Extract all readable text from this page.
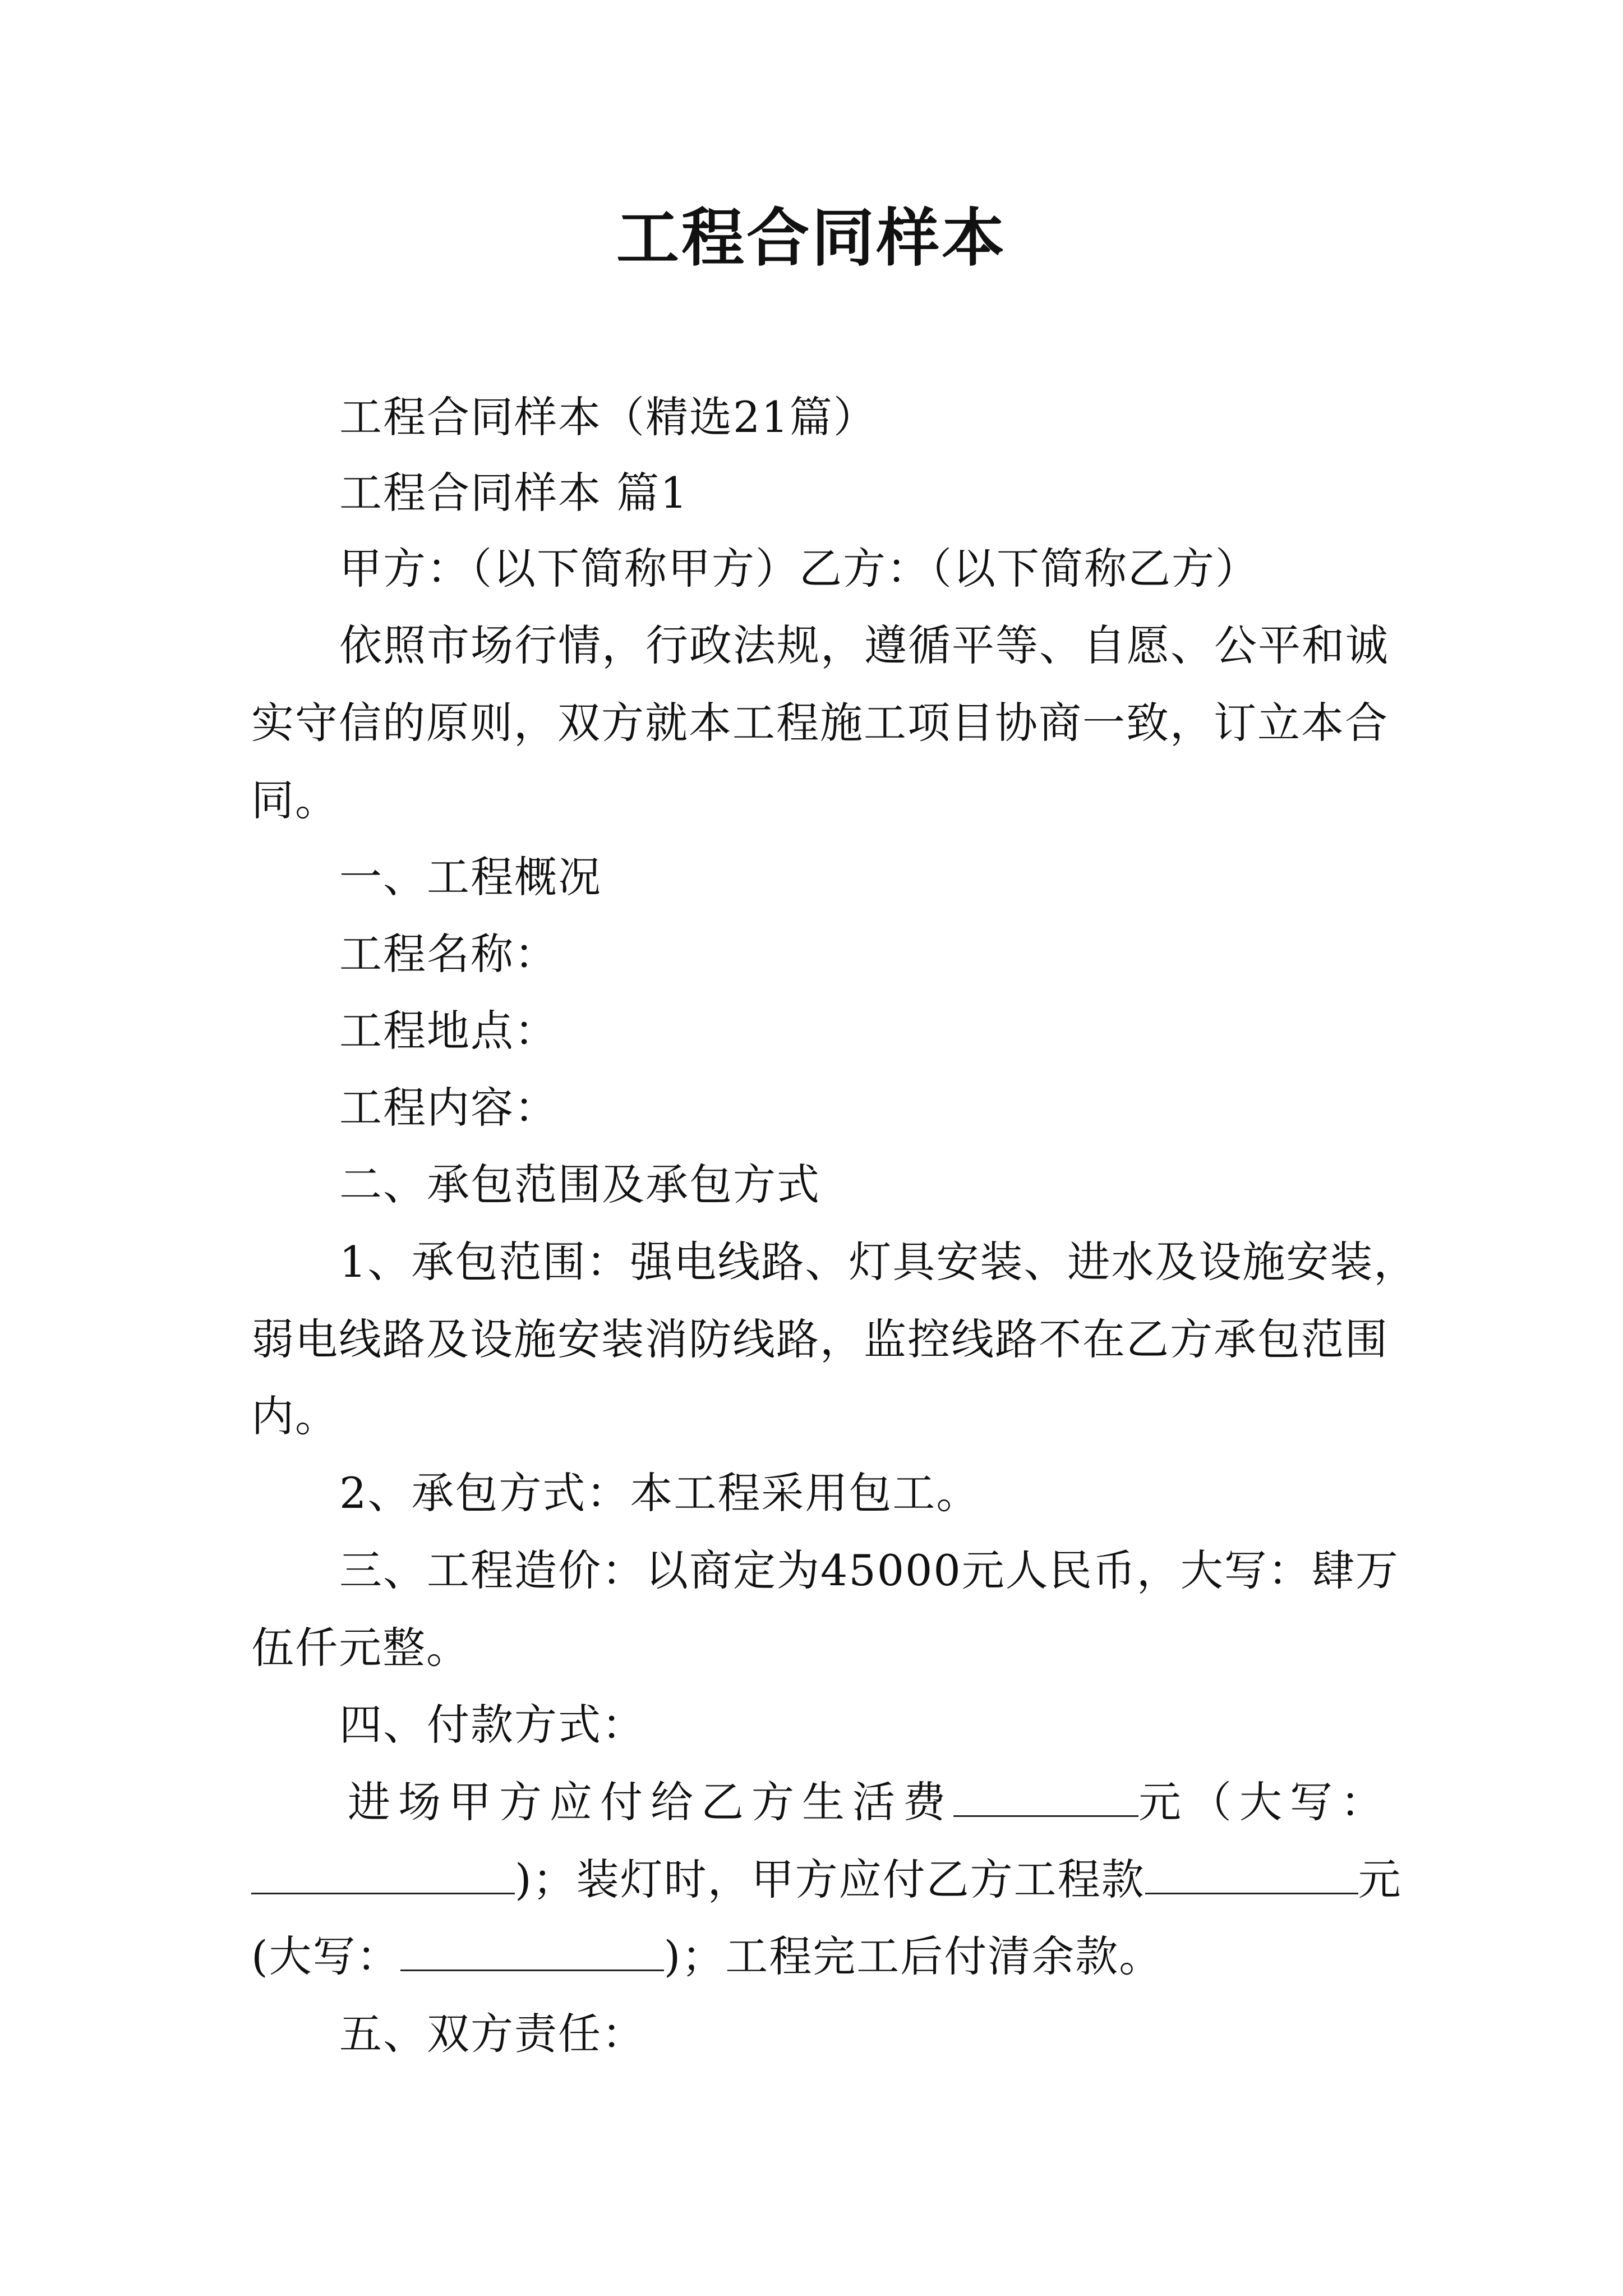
工程合同样本
工程合同样本（精选21篇）
工程合同样本 篇1
甲方：（以下简称甲方）乙方：（以下简称乙方）
依照市场行情，行政法规，遵循平等、自愿、公平和诚
实守信的原则，双方就本工程施工项目协商一致，订立本合
同。
一、工程概况
工程名称：
工程地点：
工程内容：
二、承包范围及承包方式
1、承包范围：强电线路、灯具安装、进水及设施安装，
弱电线路及设施安装消防线路，监控线路不在乙方承包范围
内。
2、承包方式：本工程采用包工。
三、工程造价：以商定为45000元人民币，大写：肆万
伍仟元整。
四、付款方式：
进场甲方应付给乙方生活费	元（大写：
)；装灯时，甲方应付乙方工程款	元
(大写：	)；工程完工后付清余款。
五、双方责任：
